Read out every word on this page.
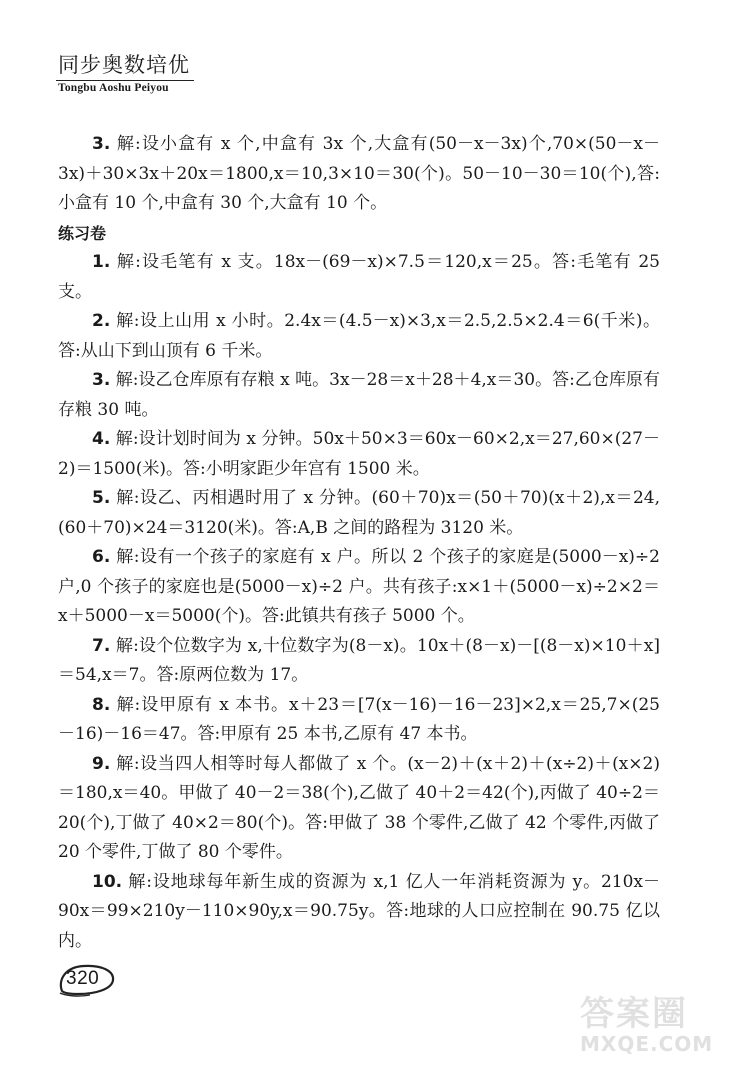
同步奥数培优
Tongbu Aoshu Peiyou

3. 解:设小盒有 x 个,中盒有 3x 个,大盒有(50－x－3x)个,70×(50－x－3x)＋30×3x＋20x＝1800,x＝10,3×10＝30(个)。50－10－30＝10(个),答:小盒有 10 个,中盒有 30 个,大盒有 10 个。

练习卷

1. 解:设毛笔有 x 支。18x－(69－x)×7.5＝120,x＝25。答:毛笔有 25 支。

2. 解:设上山用 x 小时。2.4x＝(4.5－x)×3,x＝2.5,2.5×2.4＝6(千米)。答:从山下到山顶有 6 千米。

3. 解:设乙仓库原有存粮 x 吨。3x－28＝x＋28＋4,x＝30。答:乙仓库原有存粮 30 吨。

4. 解:设计划时间为 x 分钟。50x＋50×3＝60x－60×2,x＝27,60×(27－2)＝1500(米)。答:小明家距少年宫有 1500 米。

5. 解:设乙、丙相遇时用了 x 分钟。(60＋70)x＝(50＋70)(x＋2),x＝24,(60＋70)×24＝3120(米)。答:A,B 之间的路程为 3120 米。

6. 解:设有一个孩子的家庭有 x 户。所以 2 个孩子的家庭是(5000－x)÷2 户,0 个孩子的家庭也是(5000－x)÷2 户。共有孩子:x×1＋(5000－x)÷2×2＝x＋5000－x＝5000(个)。答:此镇共有孩子 5000 个。

7. 解:设个位数字为 x,十位数字为(8－x)。10x＋(8－x)－[(8－x)×10＋x]＝54,x＝7。答:原两位数为 17。

8. 解:设甲原有 x 本书。x＋23＝[7(x－16)－16－23]×2,x＝25,7×(25－16)－16＝47。答:甲原有 25 本书,乙原有 47 本书。

9. 解:设当四人相等时每人都做了 x 个。(x－2)＋(x＋2)＋(x÷2)＋(x×2)＝180,x＝40。甲做了 40－2＝38(个),乙做了 40＋2＝42(个),丙做了 40÷2＝20(个),丁做了 40×2＝80(个)。答:甲做了 38 个零件,乙做了 42 个零件,丙做了 20 个零件,丁做了 80 个零件。

10. 解:设地球每年新生成的资源为 x,1 亿人一年消耗资源为 y。210x－90x＝99×210y－110×90y,x＝90.75y。答:地球的人口应控制在 90.75 亿以内。

320
答案圈
MXQE.COM
